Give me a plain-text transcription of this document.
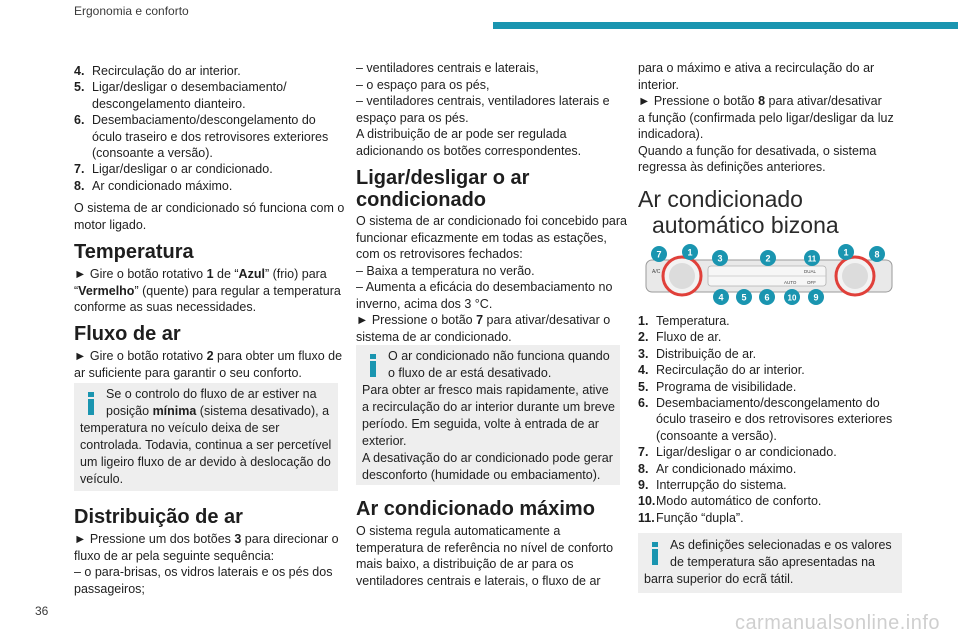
Ergonomia e conforto
4. Recirculação do ar interior.
5. Ligar/desligar o desembaciamento/
descongelamento dianteiro.
6. Desembaciamento/descongelamento do
óculo traseiro e dos retrovisores exteriores
(consoante a versão).
7. Ligar/desligar o ar condicionado.
8. Ar condicionado máximo.
O sistema de ar condicionado só funciona com o
motor ligado.
Temperatura
► Gire o botão rotativo 1 de “Azul” (frio) para
“Vermelho” (quente) para regular a temperatura
conforme as suas necessidades.
Fluxo de ar
► Gire o botão rotativo 2 para obter um fluxo de
ar suficiente para garantir o seu conforto.
Se o controlo do fluxo de ar estiver na
posição mínima (sistema desativado), a
temperatura no veículo deixa de ser
controlada. Todavia, continua a ser percetível
um ligeiro fluxo de ar devido à deslocação do
veículo.
Distribuição de ar
► Pressione um dos botões 3 para direcionar o
fluxo de ar pela seguinte sequência:
– o para-brisas, os vidros laterais e os pés dos
passageiros;
– ventiladores centrais e laterais,
– o espaço para os pés,
– ventiladores centrais, ventiladores laterais e
espaço para os pés.
A distribuição de ar pode ser regulada
adicionando os botões correspondentes.
Ligar/desligar o ar
condicionado
O sistema de ar condicionado foi concebido para
funcionar eficazmente em todas as estações,
com os retrovisores fechados:
– Baixa a temperatura no verão.
– Aumenta a eficácia do desembaciamento no
inverno, acima dos 3 °C.
► Pressione o botão 7 para ativar/desativar o
sistema de ar condicionado.
O ar condicionado não funciona quando
o fluxo de ar está desativado.
Para obter ar fresco mais rapidamente, ative
a recirculação do ar interior durante um breve
período. Em seguida, volte à entrada de ar
exterior.
A desativação do ar condicionado pode gerar
desconforto (humidade ou embaciamento).
Ar condicionado máximo
O sistema regula automaticamente a
temperatura de referência no nível de conforto
mais baixo, a distribuição de ar para os
ventiladores centrais e laterais, o fluxo de ar
para o máximo e ativa a recirculação do ar
interior.
► Pressione o botão 8 para ativar/desativar
a função (confirmada pelo ligar/desligar da luz
indicadora).
Quando a função for desativada, o sistema
regressa às definições anteriores.
Ar condicionado
automático bizona
A/C
AUTO OFF
DUAL
7	1
3	2	11
1	8
4 5 6 10 9
1. Temperatura.
2. Fluxo de ar.
3. Distribuição de ar.
4. Recirculação do ar interior.
5. Programa de visibilidade.
6. Desembaciamento/descongelamento do
óculo traseiro e dos retrovisores exteriores
(consoante a versão).
7. Ligar/desligar o ar condicionado.
8. Ar condicionado máximo.
9. Interrupção do sistema.
10.Modo automático de conforto.
11.Função “dupla”.
As definições selecionadas e os valores
de temperatura são apresentadas na
barra superior do ecrã tátil.
36
carmanualsonline.info
